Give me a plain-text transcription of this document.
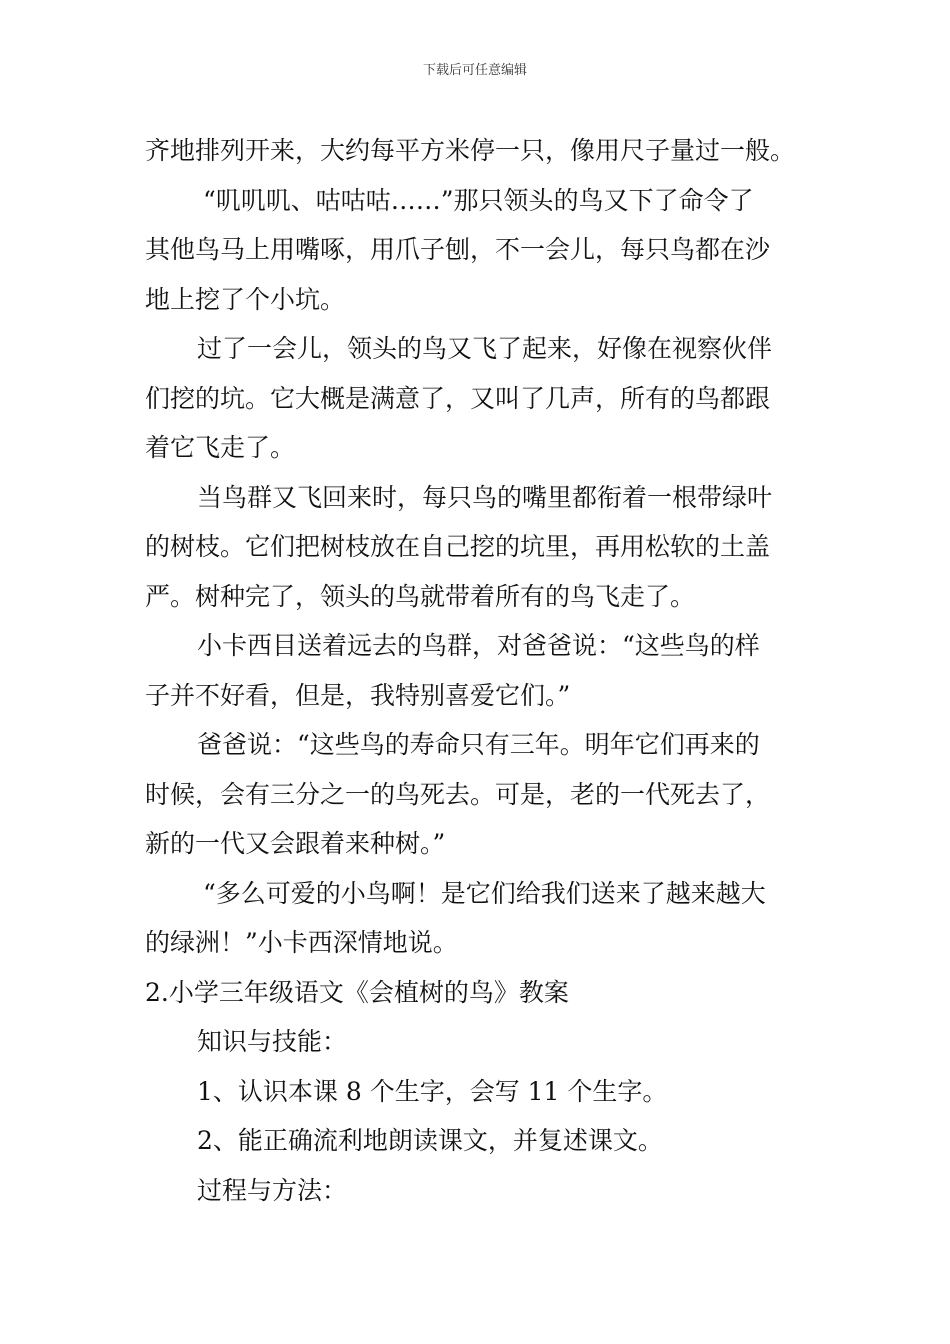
下载后可任意编辑
齐地排列开来，大约每平方米停一只，像用尺子量过一般。
“叽叽叽、咕咕咕……”那只领头的鸟又下了命令了
其他鸟马上用嘴啄，用爪子刨，不一会儿，每只鸟都在沙
地上挖了个小坑。
过了一会儿，领头的鸟又飞了起来，好像在视察伙伴
们挖的坑。它大概是满意了，又叫了几声，所有的鸟都跟
着它飞走了。
当鸟群又飞回来时，每只鸟的嘴里都衔着一根带绿叶
的树枝。它们把树枝放在自己挖的坑里，再用松软的土盖
严。树种完了，领头的鸟就带着所有的鸟飞走了。
小卡西目送着远去的鸟群，对爸爸说：“这些鸟的样
子并不好看，但是，我特别喜爱它们。”
爸爸说：“这些鸟的寿命只有三年。明年它们再来的
时候，会有三分之一的鸟死去。可是，老的一代死去了，
新的一代又会跟着来种树。”
“多么可爱的小鸟啊！是它们给我们送来了越来越大
的绿洲！”小卡西深情地说。
2.小学三年级语文《会植树的鸟》教案
知识与技能：
1、认识本课 8 个生字，会写 11 个生字。
2、能正确流利地朗读课文，并复述课文。
过程与方法：
